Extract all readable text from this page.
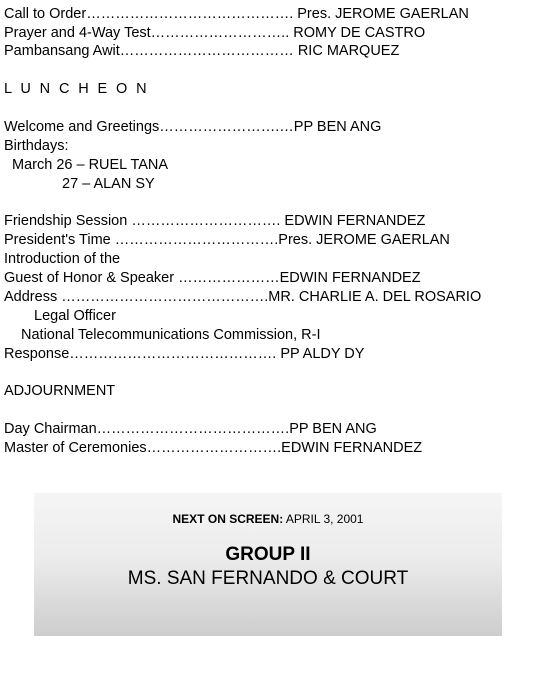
Call to Order……………………………………. Pres. JEROME GAERLAN
Prayer and 4-Way Test……………………….. ROMY DE CASTRO
Pambansang Awit……………………………… RIC MARQUEZ
L U N C H E O N
Welcome and Greetings…………………….…PP BEN ANG
Birthdays:
March 26 – RUEL TANA
27 – ALAN SY
Friendship Session …………………………. EDWIN FERNANDEZ
President's Time …………………………….Pres. JEROME GAERLAN
Introduction of the
Guest of Honor & Speaker …………………EDWIN FERNANDEZ
Address …………………………………….MR. CHARLIE A. DEL ROSARIO
Legal Officer
National Telecommunications Commission, R-I
Response……………………………………. PP ALDY DY
ADJOURNMENT
Day Chairman………………………………….PP BEN ANG
Master of Ceremonies……………………….EDWIN FERNANDEZ
NEXT ON SCREEN: APRIL 3, 2001
GROUP II
MS. SAN FERNANDO & COURT
